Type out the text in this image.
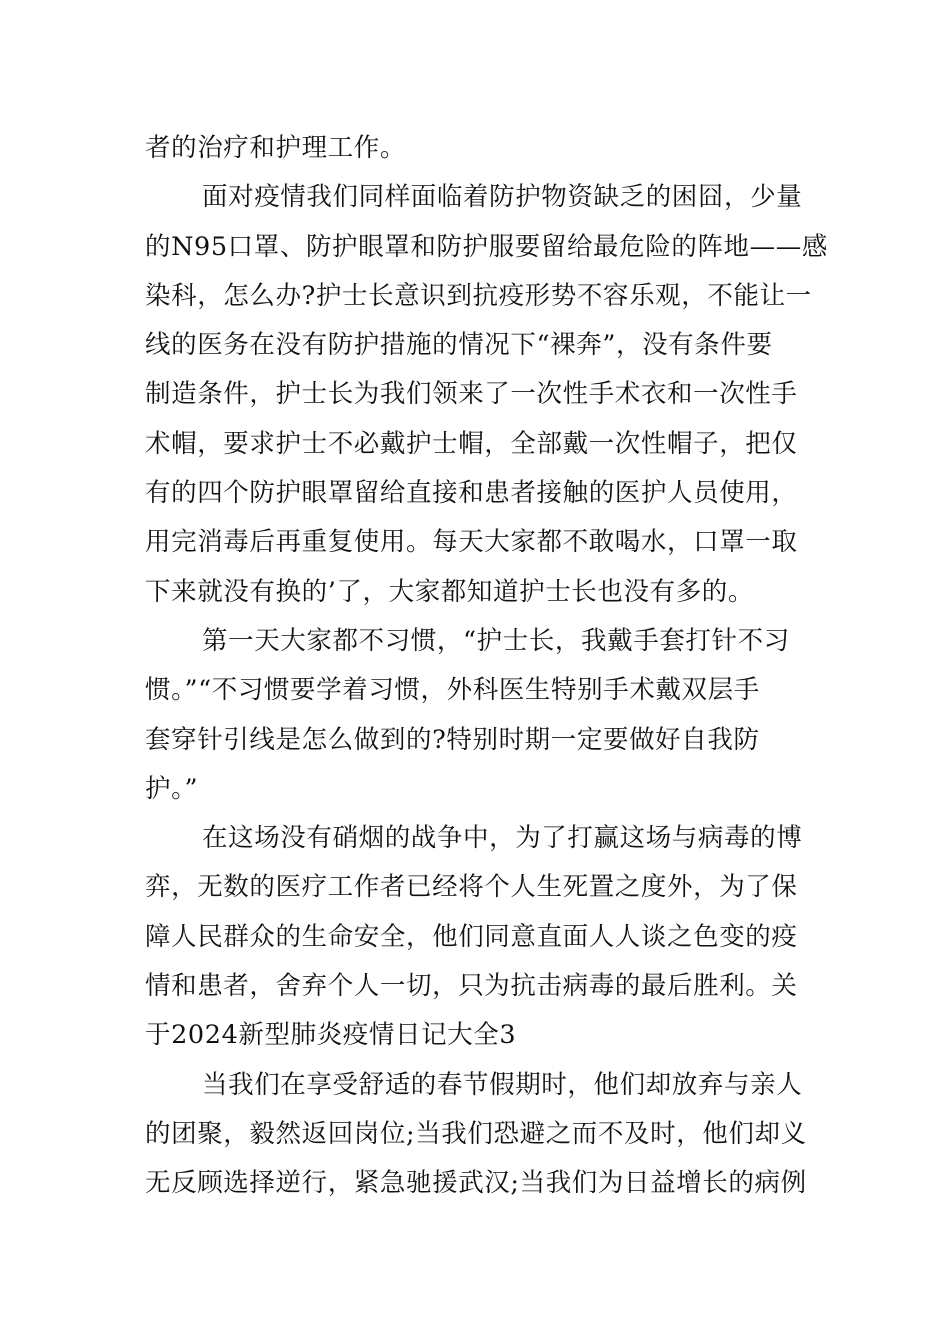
者的治疗和护理工作。
面对疫情我们同样面临着防护物资缺乏的困囧，少量
的N95口罩、防护眼罩和防护服要留给最危险的阵地——感
染科，怎么办?护士长意识到抗疫形势不容乐观，不能让一
线的医务在没有防护措施的情况下“裸奔”，没有条件要
制造条件，护士长为我们领来了一次性手术衣和一次性手
术帽，要求护士不必戴护士帽，全部戴一次性帽子，把仅
有的四个防护眼罩留给直接和患者接触的医护人员使用，
用完消毒后再重复使用。每天大家都不敢喝水，口罩一取
下来就没有换的’了，大家都知道护士长也没有多的。
第一天大家都不习惯，“护士长，我戴手套打针不习
惯。”“不习惯要学着习惯，外科医生特别手术戴双层手
套穿针引线是怎么做到的?特别时期一定要做好自我防
护。”
在这场没有硝烟的战争中，为了打赢这场与病毒的博
弈，无数的医疗工作者已经将个人生死置之度外，为了保
障人民群众的生命安全，他们同意直面人人谈之色变的疫
情和患者，舍弃个人一切，只为抗击病毒的最后胜利。关
于2024新型肺炎疫情日记大全3
当我们在享受舒适的春节假期时，他们却放弃与亲人
的团聚，毅然返回岗位;当我们恐避之而不及时，他们却义
无反顾选择逆行，紧急驰援武汉;当我们为日益增长的病例
